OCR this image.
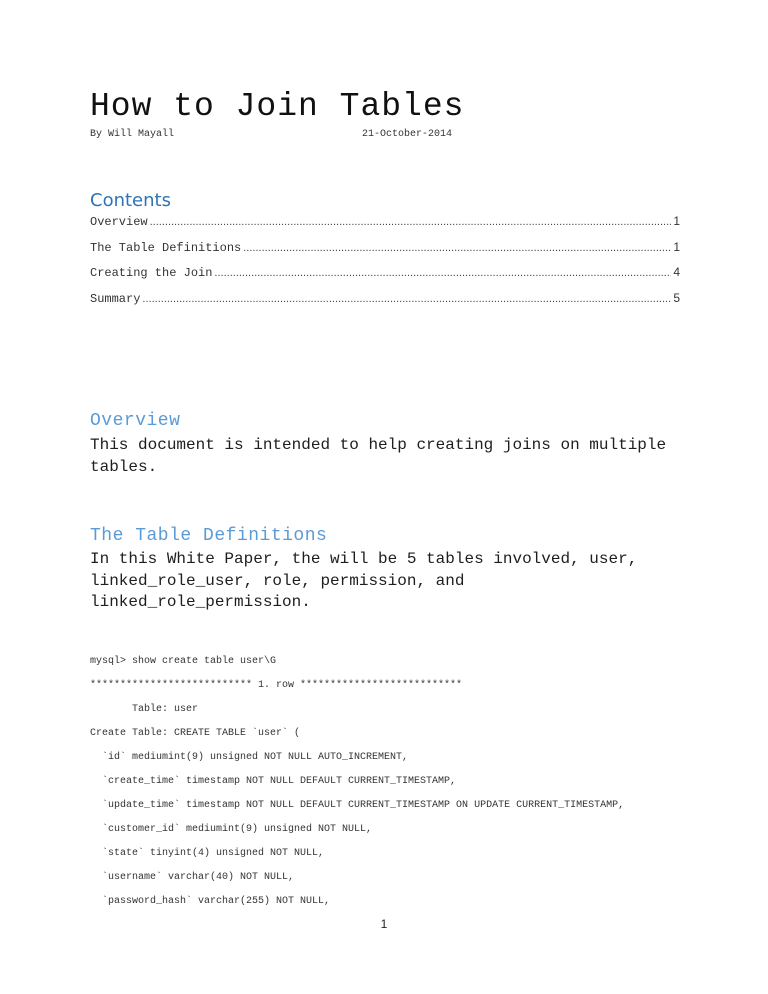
How to Join Tables
By Will Mayall	21-October-2014
Contents
Overview .....	1
The Table Definitions .....	1
Creating the Join .....	4
Summary .....	5
Overview
This document is intended to help creating joins on multiple tables.
The Table Definitions
In this White Paper, the will be 5 tables involved, user, linked_role_user, role, permission, and linked_role_permission.
mysql> show create table user\G
*************************** 1. row ***************************
Table: user
Create Table: CREATE TABLE `user` (
`id` mediumint(9) unsigned NOT NULL AUTO_INCREMENT,
`create_time` timestamp NOT NULL DEFAULT CURRENT_TIMESTAMP,
`update_time` timestamp NOT NULL DEFAULT CURRENT_TIMESTAMP ON UPDATE CURRENT_TIMESTAMP,
`customer_id` mediumint(9) unsigned NOT NULL,
`state` tinyint(4) unsigned NOT NULL,
`username` varchar(40) NOT NULL,
`password_hash` varchar(255) NOT NULL,
1
